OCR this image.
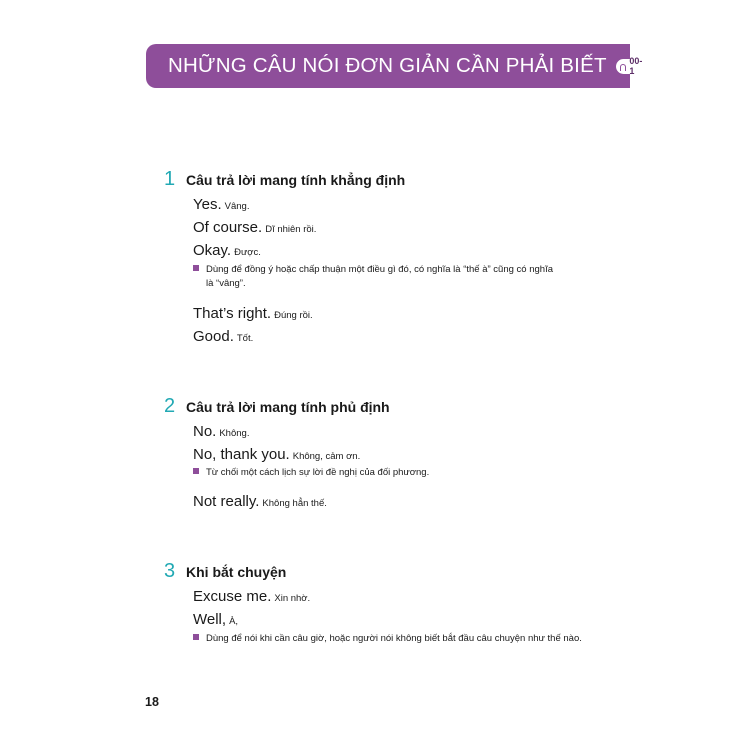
NHỮNG CÂU NÓI ĐƠN GIẢN CẦN PHẢI BIẾT	00-1
1 Câu trả lời mang tính khẳng định
Yes. Vâng.
Of course. Dĩ nhiên rồi.
Okay. Được.
Dùng để đồng ý hoặc chấp thuận một điều gì đó, có nghĩa là “thế à” cũng có nghĩa
là “vâng”.
That’s right. Đúng rồi.
Good. Tốt.
2 Câu trả lời mang tính phủ định
No. Không.
No, thank you. Không, cảm ơn.
Từ chối một cách lịch sự lời đề nghị của đối phương.
Not really. Không hẳn thế.
3 Khi bắt chuyện
Excuse me. Xin nhờ.
Well, À,
Dùng để nói khi cần câu giờ, hoặc người nói không biết bắt đầu câu chuyện như thế nào.
18
